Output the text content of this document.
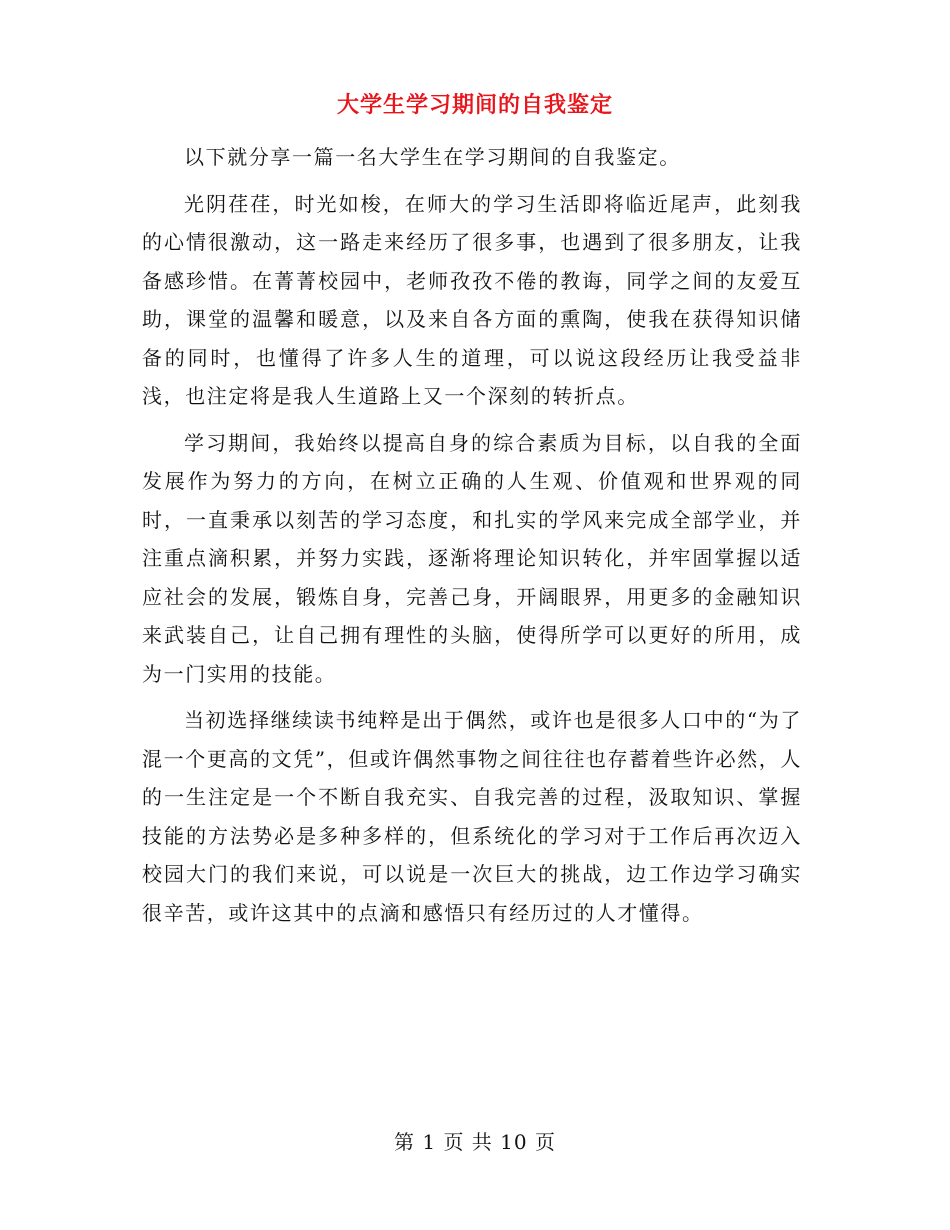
大学生学习期间的自我鉴定

以下就分享一篇一名大学生在学习期间的自我鉴定。

光阴荏荏，时光如梭，在师大的学习生活即将临近尾声，此刻我的心情很激动，这一路走来经历了很多事，也遇到了很多朋友，让我备感珍惜。在菁菁校园中，老师孜孜不倦的教诲，同学之间的友爱互助，课堂的温馨和暖意，以及来自各方面的熏陶，使我在获得知识储备的同时，也懂得了许多人生的道理，可以说这段经历让我受益非浅，也注定将是我人生道路上又一个深刻的转折点。

学习期间，我始终以提高自身的综合素质为目标，以自我的全面发展作为努力的方向，在树立正确的人生观、价值观和世界观的同时，一直秉承以刻苦的学习态度，和扎实的学风来完成全部学业，并注重点滴积累，并努力实践，逐渐将理论知识转化，并牢固掌握以适应社会的发展，锻炼自身，完善己身，开阔眼界，用更多的金融知识来武装自己，让自己拥有理性的头脑，使得所学可以更好的所用，成为一门实用的技能。

当初选择继续读书纯粹是出于偶然，或许也是很多人口中的“为了混一个更高的文凭”，但或许偶然事物之间往往也存蓄着些许必然，人的一生注定是一个不断自我充实、自我完善的过程，汲取知识、掌握技能的方法势必是多种多样的，但系统化的学习对于工作后再次迈入校园大门的我们来说，可以说是一次巨大的挑战，边工作边学习确实很辛苦，或许这其中的点滴和感悟只有经历过的人才懂得。

第 1 页 共 10 页
